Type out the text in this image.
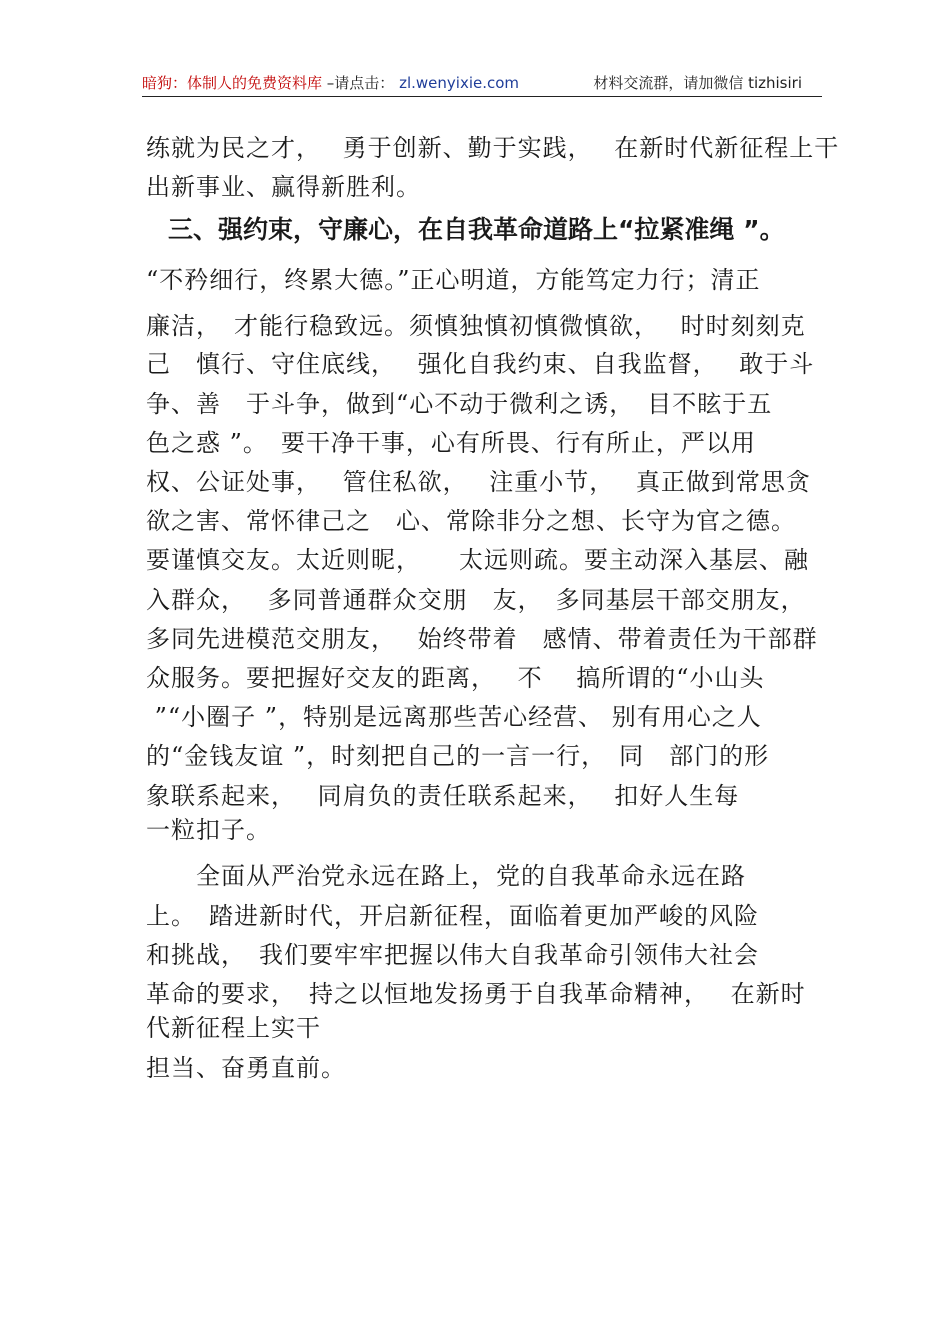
暗狗：体制人的免费资料库 –请点击： zl.wenyixie.com	材料交流群，请加微信 tizhisiri
练就为民之才，　 勇于创新、勤于实践，　 在新时代新征程上干
出新事业、赢得新胜利。
三、强约束，守廉心，在自我革命道路上“拉紧准绳 ”。
“不矜细行，终累大德。”正心明道，方能笃定力行；清正
廉洁，　才能行稳致远。须慎独慎初慎微慎欲，　 时时刻刻克
己　慎行、守住底线，　 强化自我约束、自我监督，　 敢于斗
争、善　于斗争，做到“心不动于微利之诱，　目不眩于五
色之惑 ”。　要干净干事，心有所畏、行有所止，严以用
权、公证处事，　 管住私欲，　 注重小节，　 真正做到常思贪
欲之害、常怀律己之　心、常除非分之想、长守为官之德。
要谨慎交友。太近则昵，　　太远则疏。要主动深入基层、融
入群众，　 多同普通群众交朋　友，　多同基层干部交朋友，
多同先进模范交朋友，　 始终带着　感情、带着责任为干部群
众服务。要把握好交友的距离，　 不　 搞所谓的“小山头
”“小圈子 ”，特别是远离那些苦心经营、 别有用心之人
的“金钱友谊 ”，时刻把自己的一言一行，　同　部门的形
象联系起来，　 同肩负的责任联系起来，　 扣好人生每
一粒扣子。
　　全面从严治党永远在路上，党的自我革命永远在路
上。　踏进新时代，开启新征程，面临着更加严峻的风险
和挑战，　我们要牢牢把握以伟大自我革命引领伟大社会
革命的要求，　持之以恒地发扬勇于自我革命精神，　 在新时
代新征程上实干
担当、奋勇直前。
